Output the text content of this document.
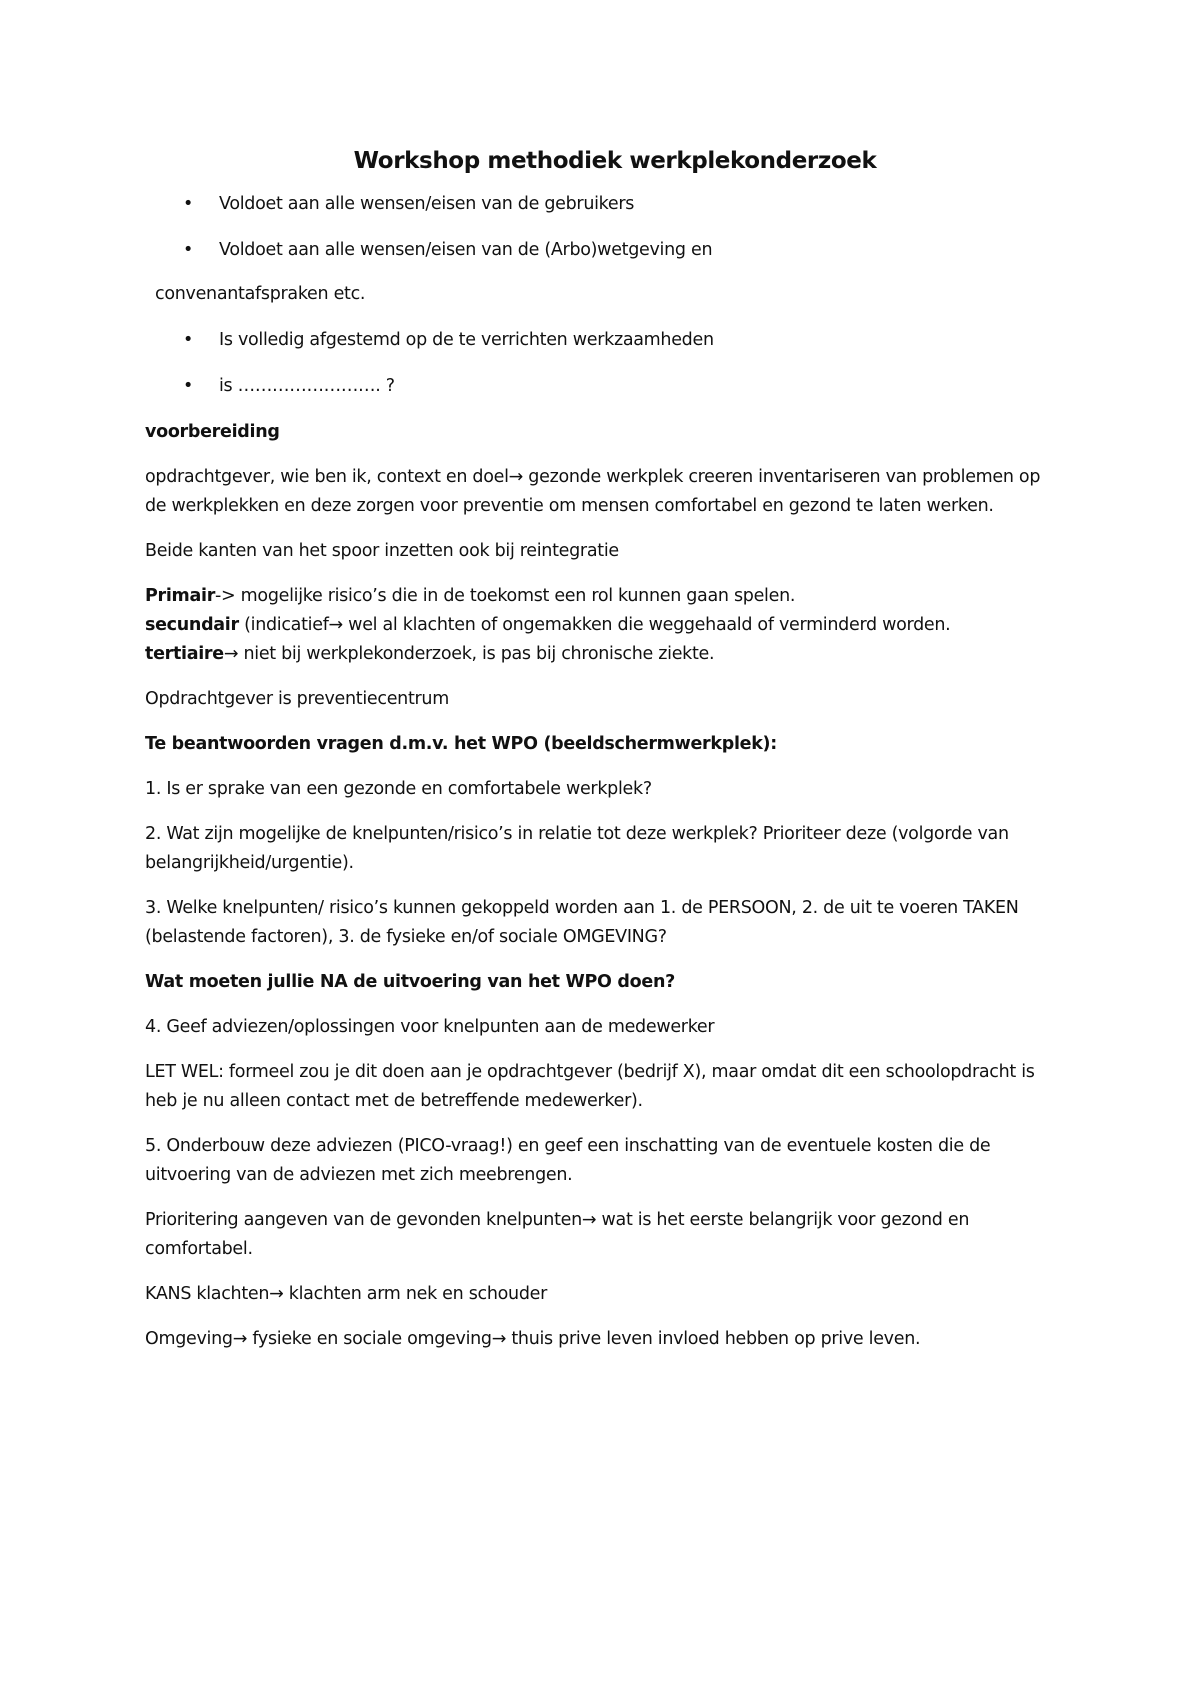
Workshop methodiek werkplekonderzoek
• Voldoet aan alle wensen/eisen van de gebruikers
• Voldoet aan alle wensen/eisen van de (Arbo)wetgeving en
convenantafspraken etc.
• Is volledig afgestemd op de te verrichten werkzaamheden
• is ……………………. ?

voorbereiding

opdrachtgever, wie ben ik, context en doel→ gezonde werkplek creeren inventariseren van problemen op de werkplekken en deze zorgen voor preventie om mensen comfortabel en gezond te laten werken.

Beide kanten van het spoor inzetten ook bij reintegratie

Primair-> mogelijke risico’s die in de toekomst een rol kunnen gaan spelen.
secundair (indicatief→ wel al klachten of ongemakken die weggehaald of verminderd worden.
tertiaire→ niet bij werkplekonderzoek, is pas bij chronische ziekte.

Opdrachtgever is preventiecentrum

Te beantwoorden vragen d.m.v. het WPO (beeldschermwerkplek):

1. Is er sprake van een gezonde en comfortabele werkplek?

2. Wat zijn mogelijke de knelpunten/risico’s in relatie tot deze werkplek? Prioriteer deze (volgorde van belangrijkheid/urgentie).

3. Welke knelpunten/ risico’s kunnen gekoppeld worden aan 1. de PERSOON, 2. de uit te voeren TAKEN (belastende factoren), 3. de fysieke en/of sociale OMGEVING?

Wat moeten jullie NA de uitvoering van het WPO doen?

4. Geef adviezen/oplossingen voor knelpunten aan de medewerker

LET WEL: formeel zou je dit doen aan je opdrachtgever (bedrijf X), maar omdat dit een schoolopdracht is heb je nu alleen contact met de betreffende medewerker).

5. Onderbouw deze adviezen (PICO-vraag!) en geef een inschatting van de eventuele kosten die de uitvoering van de adviezen met zich meebrengen.

Prioritering aangeven van de gevonden knelpunten→ wat is het eerste belangrijk voor gezond en comfortabel.

KANS klachten→ klachten arm nek en schouder

Omgeving→ fysieke en sociale omgeving→ thuis prive leven invloed hebben op prive leven.
